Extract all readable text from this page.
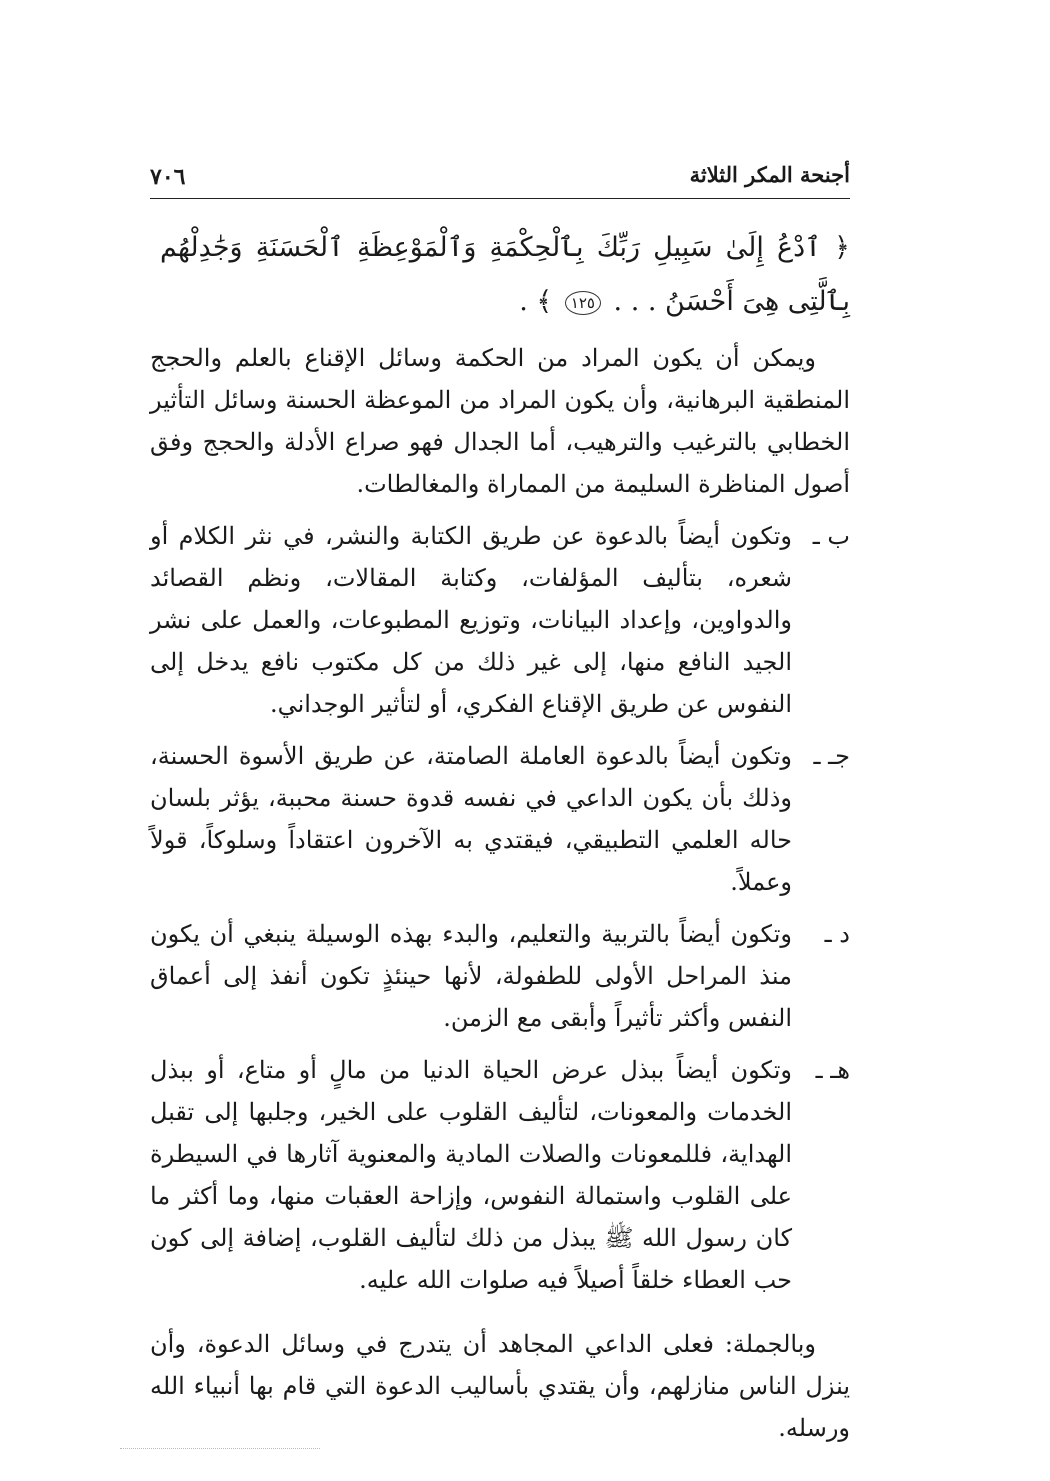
أجنحة المكر الثلاثة
٧٠٦
﴿ ٱدْعُ إِلَىٰ سَبِيلِ رَبِّكَ بِٱلْحِكْمَةِ وَٱلْمَوْعِظَةِ ٱلْحَسَنَةِ وَجَٰدِلْهُم بِٱلَّتِى هِىَ أَحْسَنُ . . . ١٢٥ ﴾ .
ويمكن أن يكون المراد من الحكمة وسائل الإقناع بالعلم والحجج المنطقية البرهانية، وأن يكون المراد من الموعظة الحسنة وسائل التأثير الخطابي بالترغيب والترهيب، أما الجدال فهو صراع الأدلة والحجج وفق أصول المناظرة السليمة من المماراة والمغالطات.
ب ـ
وتكون أيضاً بالدعوة عن طريق الكتابة والنشر، في نثر الكلام أو شعره، بتأليف المؤلفات، وكتابة المقالات، ونظم القصائد والدواوين، وإعداد البيانات، وتوزيع المطبوعات، والعمل على نشر الجيد النافع منها، إلى غير ذلك من كل مكتوب نافع يدخل إلى النفوس عن طريق الإقناع الفكري، أو لتأثير الوجداني.
جـ ـ
وتكون أيضاً بالدعوة العاملة الصامتة، عن طريق الأسوة الحسنة، وذلك بأن يكون الداعي في نفسه قدوة حسنة محببة، يؤثر بلسان حاله العلمي التطبيقي، فيقتدي به الآخرون اعتقاداً وسلوكاً، قولاً وعملاً.
د ـ
وتكون أيضاً بالتربية والتعليم، والبدء بهذه الوسيلة ينبغي أن يكون منذ المراحل الأولى للطفولة، لأنها حينئذٍ تكون أنفذ إلى أعماق النفس وأكثر تأثيراً وأبقى مع الزمن.
هـ ـ
وتكون أيضاً ببذل عرض الحياة الدنيا من مالٍ أو متاع، أو ببذل الخدمات والمعونات، لتأليف القلوب على الخير، وجلبها إلى تقبل الهداية، فللمعونات والصلات المادية والمعنوية آثارها في السيطرة على القلوب واستمالة النفوس، وإزاحة العقبات منها، وما أكثر ما كان رسول الله ﷺ يبذل من ذلك لتأليف القلوب، إضافة إلى كون حب العطاء خلقاً أصيلاً فيه صلوات الله عليه.
وبالجملة: فعلى الداعي المجاهد أن يتدرج في وسائل الدعوة، وأن ينزل الناس منازلهم، وأن يقتدي بأساليب الدعوة التي قام بها أنبياء الله ورسله.
